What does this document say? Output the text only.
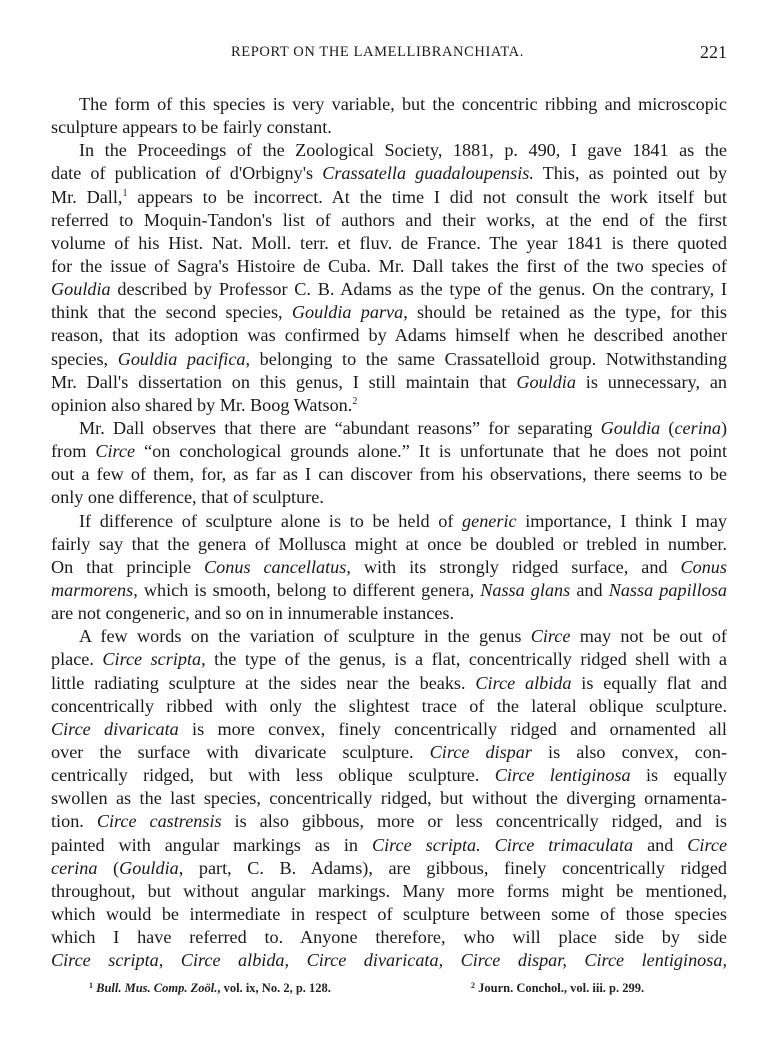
REPORT ON THE LAMELLIBRANCHIATA.	221
The form of this species is very variable, but the concentric ribbing and microscopic
sculpture appears to be fairly constant.
In the Proceedings of the Zoological Society, 1881, p. 490, I gave 1841 as the
date of publication of d'Orbigny's Crassatella guadaloupensis. This, as pointed out by
Mr. Dall,$^1$ appears to be incorrect. At the time I did not consult the work itself but
referred to Moquin-Tandon's list of authors and their works, at the end of the first
volume of his Hist. Nat. Moll. terr. et fluv. de France. The year 1841 is there quoted
for the issue of Sagra's Histoire de Cuba. Mr. Dall takes the first of the two species of
Gouldia described by Professor C. B. Adams as the type of the genus. On the contrary, I
think that the second species, Gouldia parva, should be retained as the type, for this
reason, that its adoption was confirmed by Adams himself when he described another
species, Gouldia pacifica, belonging to the same Crassatelloid group. Notwithstanding
Mr. Dall's dissertation on this genus, I still maintain that Gouldia is unnecessary, an
opinion also shared by Mr. Boog Watson.$^2$
Mr. Dall observes that there are “abundant reasons” for separating Gouldia (cerina)
from Circe “on conchological grounds alone.” It is unfortunate that he does not point
out a few of them, for, as far as I can discover from his observations, there seems to be
only one difference, that of sculpture.
If difference of sculpture alone is to be held of generic importance, I think I may
fairly say that the genera of Mollusca might at once be doubled or trebled in number.
On that principle Conus cancellatus, with its strongly ridged surface, and Conus
marmorens, which is smooth, belong to different genera, Nassa glans and Nassa papillosa
are not congeneric, and so on in innumerable instances.
A few words on the variation of sculpture in the genus Circe may not be out of
place. Circe scripta, the type of the genus, is a flat, concentrically ridged shell with a
little radiating sculpture at the sides near the beaks. Circe albida is equally flat and
concentrically ribbed with only the slightest trace of the lateral oblique sculpture.
Circe divaricata is more convex, finely concentrically ridged and ornamented all
over the surface with divaricate sculpture. Circe dispar is also convex, con-
centrically ridged, but with less oblique sculpture. Circe lentiginosa is equally
swollen as the last species, concentrically ridged, but without the diverging ornamenta-
tion. Circe castrensis is also gibbous, more or less concentrically ridged, and is
painted with angular markings as in Circe scripta. Circe trimaculata and Circe
cerina (Gouldia, part, C. B. Adams), are gibbous, finely concentrically ridged
throughout, but without angular markings. Many more forms might be mentioned,
which would be intermediate in respect of sculpture between some of those species
which I have referred to. Anyone therefore, who will place side by side
Circe scripta, Circe albida, Circe divaricata, Circe dispar, Circe lentiginosa,
$^1$ Bull. Mus. Comp. Zoöl., vol. ix, No. 2, p. 128.	$^2$ Journ. Conchol., vol. iii. p. 299.
